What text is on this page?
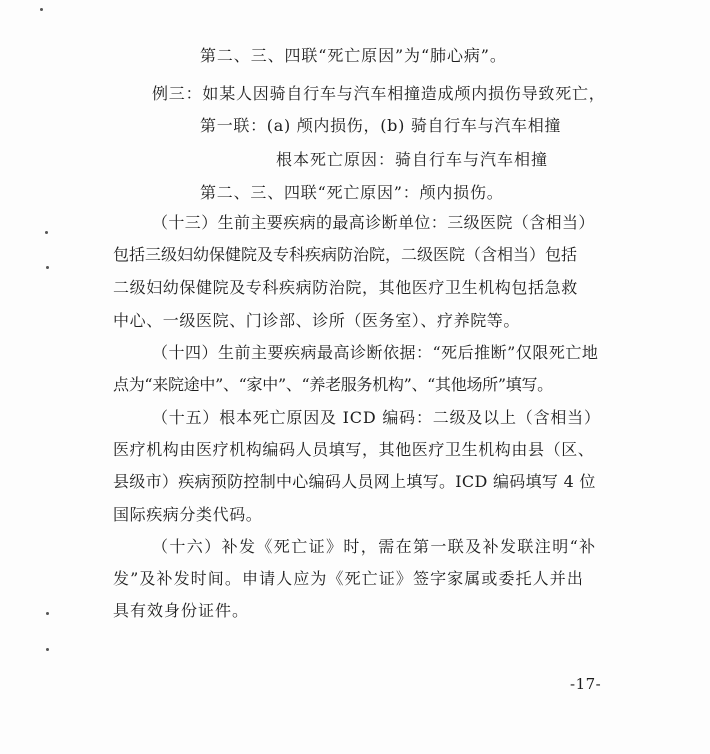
第二、三、四联“死亡原因”为“肺心病”。
例三：如某人因骑自行车与汽车相撞造成颅内损伤导致死亡，
第一联：(a) 颅内损伤，(b) 骑自行车与汽车相撞
根本死亡原因：骑自行车与汽车相撞
第二、三、四联“死亡原因”：颅内损伤。
（十三）生前主要疾病的最高诊断单位：三级医院（含相当）
包括三级妇幼保健院及专科疾病防治院，二级医院（含相当）包括
二级妇幼保健院及专科疾病防治院，其他医疗卫生机构包括急救
中心、一级医院、门诊部、诊所（医务室）、疗养院等。
（十四）生前主要疾病最高诊断依据：“死后推断”仅限死亡地
点为“来院途中”、“家中”、“养老服务机构”、“其他场所”填写。
（十五）根本死亡原因及 ICD 编码：二级及以上（含相当）
医疗机构由医疗机构编码人员填写，其他医疗卫生机构由县（区、
县级市）疾病预防控制中心编码人员网上填写。ICD 编码填写 4 位
国际疾病分类代码。
（十六）补发《死亡证》时，需在第一联及补发联注明“补
发”及补发时间。申请人应为《死亡证》签字家属或委托人并出
具有效身份证件。
-17-
